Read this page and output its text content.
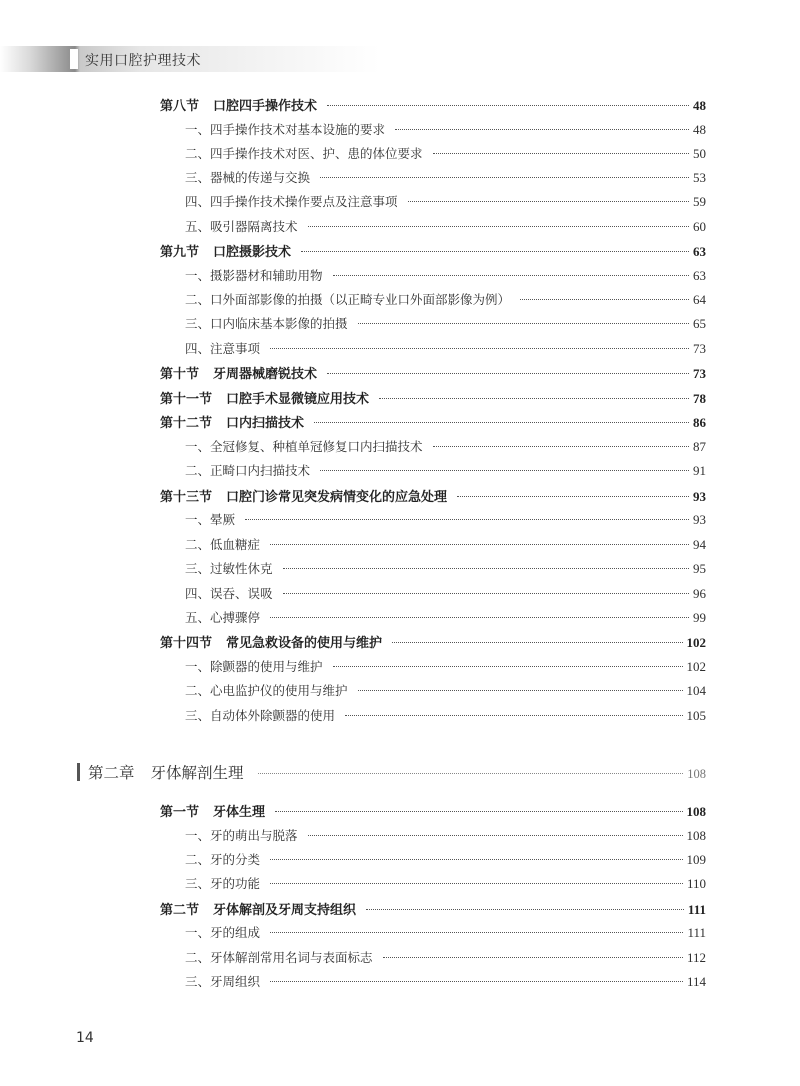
实用口腔护理技术
第八节 口腔四手操作技术	48
一、四手操作技术对基本设施的要求	48
二、四手操作技术对医、护、患的体位要求	50
三、器械的传递与交换	53
四、四手操作技术操作要点及注意事项	59
五、吸引器隔离技术	60
第九节 口腔摄影技术	63
一、摄影器材和辅助用物	63
二、口外面部影像的拍摄（以正畸专业口外面部影像为例）	64
三、口内临床基本影像的拍摄	65
四、注意事项	73
第十节 牙周器械磨锐技术	73
第十一节 口腔手术显微镜应用技术	78
第十二节 口内扫描技术	86
一、全冠修复、种植单冠修复口内扫描技术	87
二、正畸口内扫描技术	91
第十三节 口腔门诊常见突发病情变化的应急处理	93
一、晕厥	93
二、低血糖症	94
三、过敏性休克	95
四、误吞、误吸	96
五、心搏骤停	99
第十四节 常见急救设备的使用与维护	102
一、除颤器的使用与维护	102
二、心电监护仪的使用与维护	104
三、自动体外除颤器的使用	105
第二章 牙体解剖生理	108
第一节 牙体生理	108
一、牙的萌出与脱落	108
二、牙的分类	109
三、牙的功能	110
第二节 牙体解剖及牙周支持组织	111
一、牙的组成	111
二、牙体解剖常用名词与表面标志	112
三、牙周组织	114
14
